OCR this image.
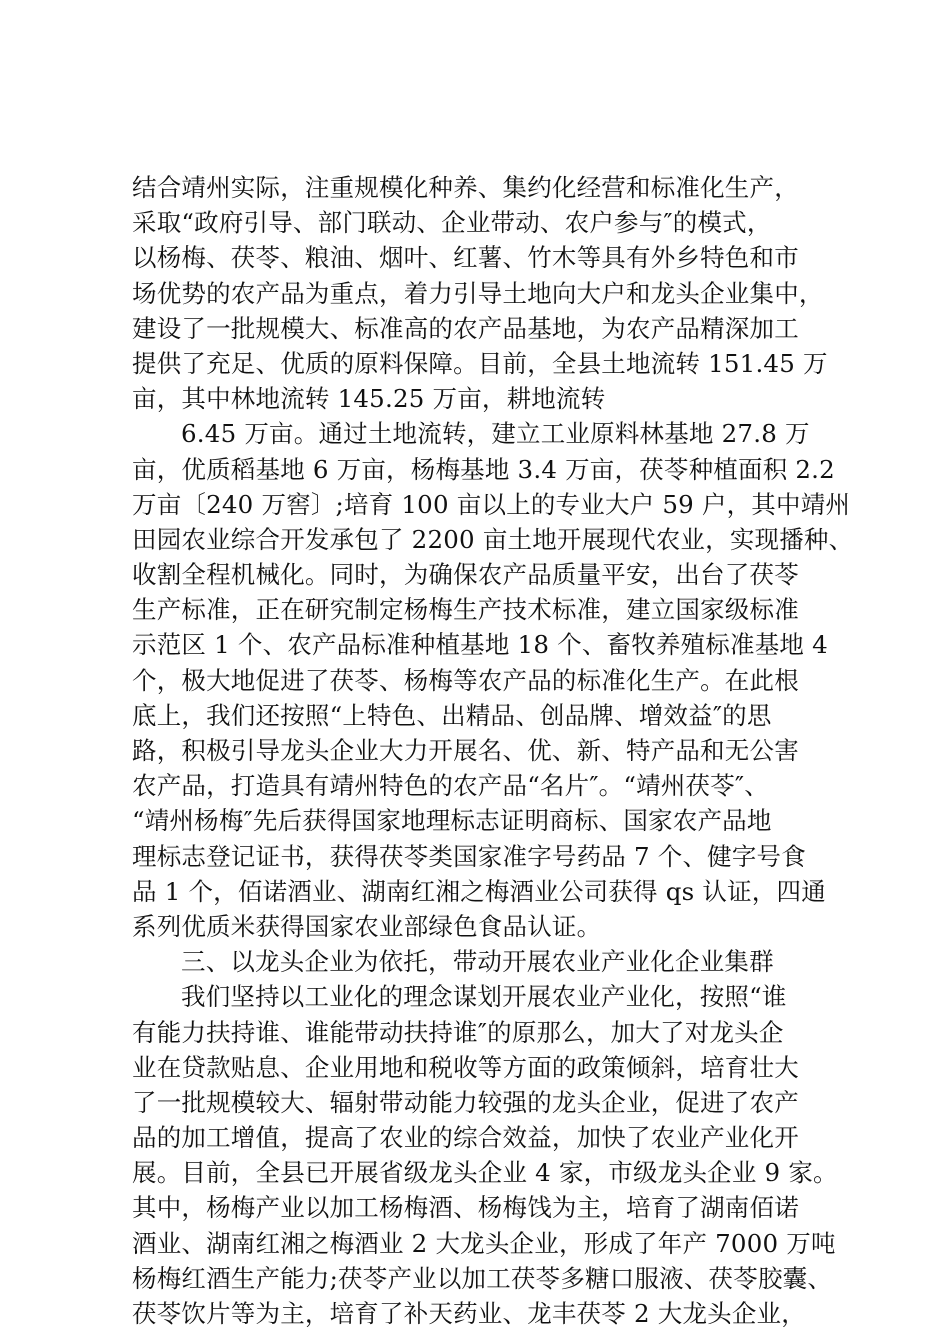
结合靖州实际，注重规模化种养、集约化经营和标准化生产，
采取“政府引导、部门联动、企业带动、农户参与″的模式，
以杨梅、茯苓、粮油、烟叶、红薯、竹木等具有外乡特色和市
场优势的农产品为重点，着力引导土地向大户和龙头企业集中，
建设了一批规模大、标准高的农产品基地，为农产品精深加工
提供了充足、优质的原料保障。目前，全县土地流转 151.45 万
亩，其中林地流转 145.25 万亩，耕地流转
6.45 万亩。通过土地流转，建立工业原料林基地 27.8 万
亩，优质稻基地 6 万亩，杨梅基地 3.4 万亩，茯苓种植面积 2.2
万亩〔240 万窖〕;培育 100 亩以上的专业大户 59 户，其中靖州
田园农业综合开发承包了 2200 亩土地开展现代农业，实现播种、
收割全程机械化。同时，为确保农产品质量平安，出台了茯苓
生产标准，正在研究制定杨梅生产技术标准，建立国家级标准
示范区 1 个、农产品标准种植基地 18 个、畜牧养殖标准基地 4
个，极大地促进了茯苓、杨梅等农产品的标准化生产。在此根
底上，我们还按照“上特色、出精品、创品牌、增效益″的思
路，积极引导龙头企业大力开展名、优、新、特产品和无公害
农产品，打造具有靖州特色的农产品“名片″。“靖州茯苓″、
“靖州杨梅″先后获得国家地理标志证明商标、国家农产品地
理标志登记证书，获得茯苓类国家准字号药品 7 个、健字号食
品 1 个，佰诺酒业、湖南红湘之梅酒业公司获得 qs 认证，四通
系列优质米获得国家农业部绿色食品认证。
三、以龙头企业为依托，带动开展农业产业化企业集群
我们坚持以工业化的理念谋划开展农业产业化，按照“谁
有能力扶持谁、谁能带动扶持谁″的原那么，加大了对龙头企
业在贷款贴息、企业用地和税收等方面的政策倾斜，培育壮大
了一批规模较大、辐射带动能力较强的龙头企业，促进了农产
品的加工增值，提高了农业的综合效益，加快了农业产业化开
展。目前，全县已开展省级龙头企业 4 家，市级龙头企业 9 家。
其中，杨梅产业以加工杨梅酒、杨梅饯为主，培育了湖南佰诺
酒业、湖南红湘之梅酒业 2 大龙头企业，形成了年产 7000 万吨
杨梅红酒生产能力;茯苓产业以加工茯苓多糖口服液、茯苓胶囊、
茯苓饮片等为主，培育了补天药业、龙丰茯苓 2 大龙头企业，
